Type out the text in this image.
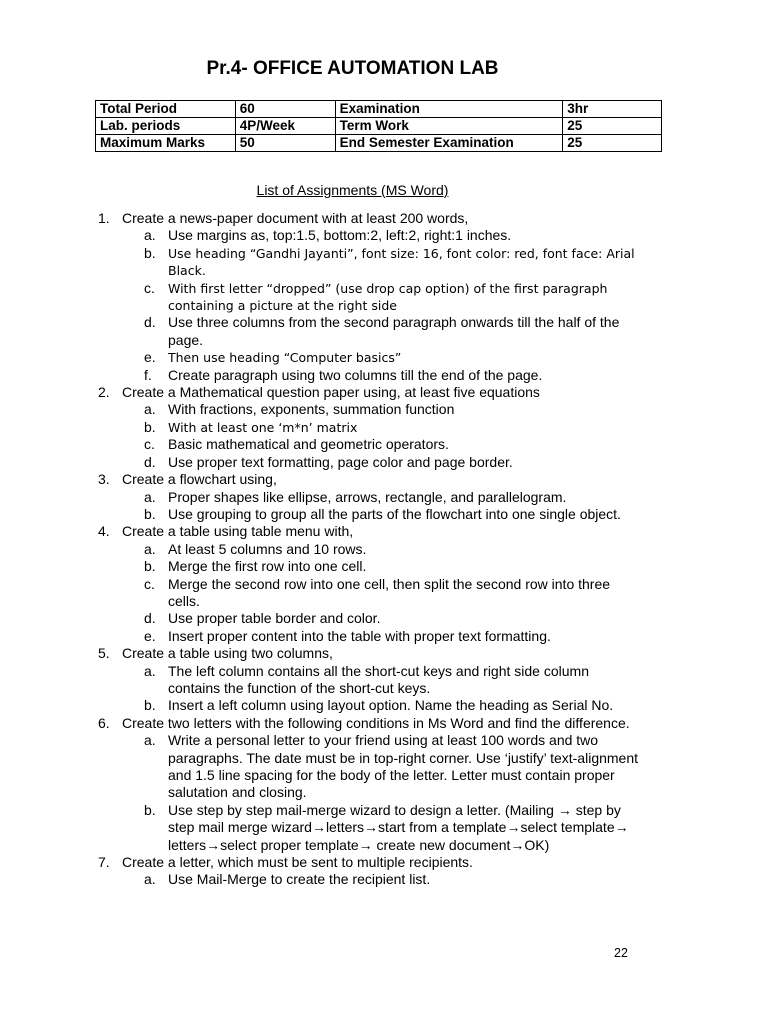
Pr.4- OFFICE AUTOMATION LAB
Total Period	60	Examination	3hr
Lab. periods	4P/Week	Term Work	25
Maximum Marks	50	End Semester Examination	25
List of Assignments (MS Word)
1. Create a news-paper document with at least 200 words,
a. Use margins as, top:1.5, bottom:2, left:2, right:1 inches.
b. Use heading “Gandhi Jayanti”, font size: 16, font color: red, font face: Arial Black.
c.	With first letter “dropped” (use drop cap option) of the first paragraph containing a picture at the right side
d. Use three columns from the second paragraph onwards till the half of the page.
e. Then use heading “Computer basics”
f.	Create paragraph using two columns till the end of the page.
2. Create a Mathematical question paper using, at least five equations
a. With fractions, exponents, summation function
b. With at least one ‘m*n’ matrix
c. Basic mathematical and geometric operators.
d. Use proper text formatting, page color and page border.
3. Create a flowchart using,
a. Proper shapes like ellipse, arrows, rectangle, and parallelogram.
b. Use grouping to group all the parts of the flowchart into one single object.
4. Create a table using table menu with,
a. At least 5 columns and 10 rows.
b. Merge the first row into one cell.
c. Merge the second row into one cell, then split the second row into three cells.
d. Use proper table border and color.
e. Insert proper content into the table with proper text formatting.
5. Create a table using two columns,
a. The left column contains all the short-cut keys and right side column contains the function of the short-cut keys.
b. Insert a left column using layout option. Name the heading as Serial No.
6. Create two letters with the following conditions in Ms Word and find the difference.
a. Write a personal letter to your friend using at least 100 words and two paragraphs. The date must be in top-right corner. Use ‘justify’ text-alignment and 1.5 line spacing for the body of the letter. Letter must contain proper salutation and closing.
b. Use step by step mail-merge wizard to design a letter. (Mailing → step by step mail merge wizard→letters→start from a template→select template→ letters→select proper template→ create new document→OK)
7. Create a letter, which must be sent to multiple recipients.
a. Use Mail-Merge to create the recipient list.
22
